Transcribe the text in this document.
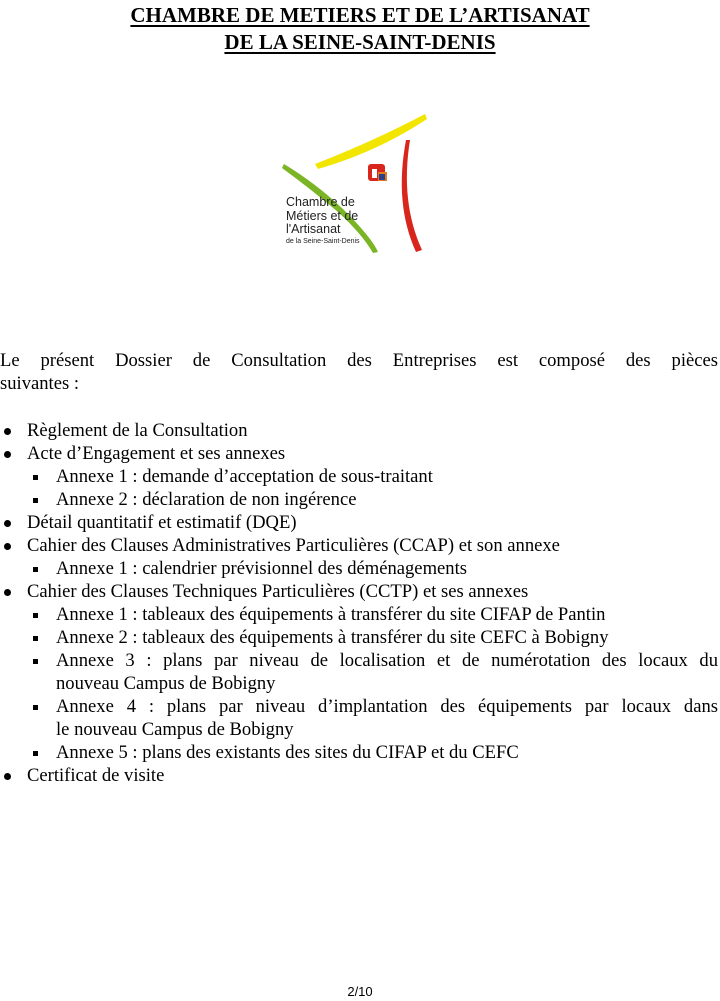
CHAMBRE DE METIERS ET DE L’ARTISANAT
DE LA SEINE-SAINT-DENIS
Chambre de
Métiers et de
l'Artisanat
de la Seine-Saint-Denis
Le présent Dossier de Consultation des Entreprises est composé des pièces
suivantes :
Règlement de la Consultation
Acte d’Engagement et ses annexes
Annexe 1 : demande d’acceptation de sous-traitant
Annexe 2 : déclaration de non ingérence
Détail quantitatif et estimatif (DQE)
Cahier des Clauses Administratives Particulières (CCAP) et son annexe
Annexe 1 : calendrier prévisionnel des déménagements
Cahier des Clauses Techniques Particulières (CCTP) et ses annexes
Annexe 1 : tableaux des équipements à transférer du site CIFAP de Pantin
Annexe 2 : tableaux des équipements à transférer du site CEFC à Bobigny
Annexe 3 : plans par niveau de localisation et de numérotation des locaux du
nouveau Campus de Bobigny
Annexe 4 : plans par niveau d’implantation des équipements par locaux dans
le nouveau Campus de Bobigny
Annexe 5 : plans des existants des sites du CIFAP et du CEFC
Certificat de visite
2/10
